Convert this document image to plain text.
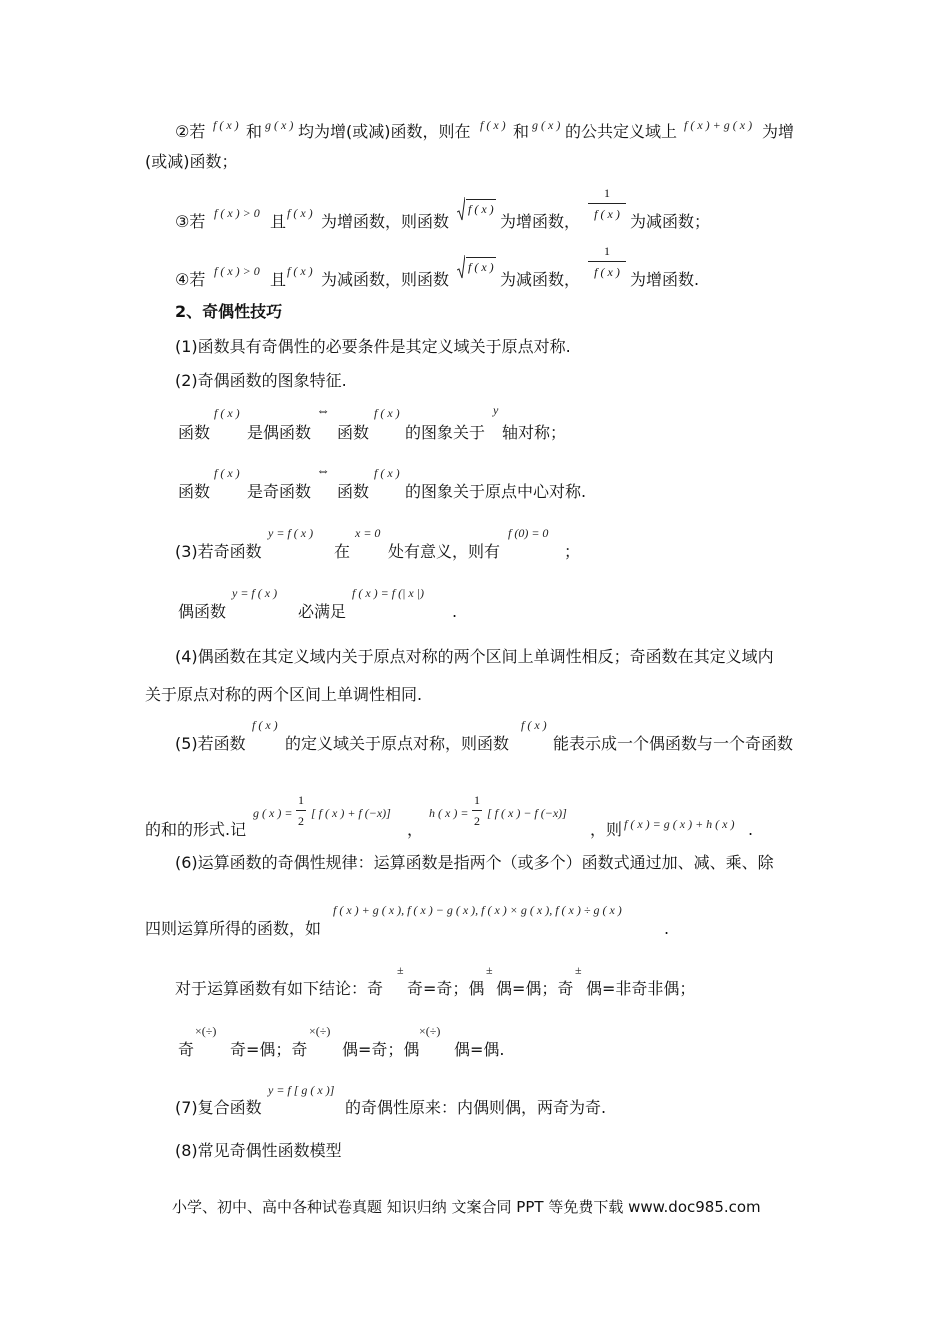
②若 f ( x ) 和 g ( x ) 均为增(或减)函数，则在 f ( x ) 和 g ( x ) 的公共定义域上 f ( x ) + g ( x ) 为增
(或减)函数；
③若 f ( x ) > 0 且 f ( x ) 为增函数，则函数
f ( x )
为增函数，
1
f ( x ) 为减函数；
④若 f ( x ) > 0 且 f ( x ) 为减函数，则函数
f ( x )
为减函数，
1
f ( x ) 为增函数.
2、奇偶性技巧
(1)函数具有奇偶性的必要条件是其定义域关于原点对称.
(2)奇偶函数的图象特征.
函数
f ( x )
是偶函数
⇔
函数
f ( x )
的图象关于
y
轴对称；
函数
f ( x )
是奇函数
⇔
函数
f ( x )
的图象关于原点中心对称.
(3)若奇函数
y = f ( x )
在
x = 0
处有意义，则有
f (0) = 0
；
偶函数
y = f ( x )
必满足
f ( x ) = f (| x |)
.
(4)偶函数在其定义域内关于原点对称的两个区间上单调性相反；奇函数在其定义域内
关于原点对称的两个区间上单调性相同.
(5)若函数
f ( x )
的定义域关于原点对称，则函数
f ( x )
能表示成一个偶函数与一个奇函数
的和的形式.记
g ( x ) =
1
2
[ f ( x ) + f (−x)]
，
h ( x ) =
1
2
[ f ( x ) − f (−x)]
，则 f ( x ) = g ( x ) + h ( x ) .
(6)运算函数的奇偶性规律：运算函数是指两个（或多个）函数式通过加、减、乘、除
四则运算所得的函数，如
f ( x ) + g ( x ), f ( x ) − g ( x ), f ( x ) × g ( x ), f ( x ) ÷ g ( x )
.
对于运算函数有如下结论：奇
±
奇=奇；偶
±
偶=偶；奇
±
偶=非奇非偶；
奇
×(÷)
奇=偶；奇
×(÷)
偶=奇；偶
×(÷)
偶=偶.
(7)复合函数
y = f [ g ( x )]
的奇偶性原来：内偶则偶，两奇为奇.
(8)常见奇偶性函数模型
小学、初中、高中各种试卷真题 知识归纳 文案合同 PPT 等免费下载 www.doc985.com
